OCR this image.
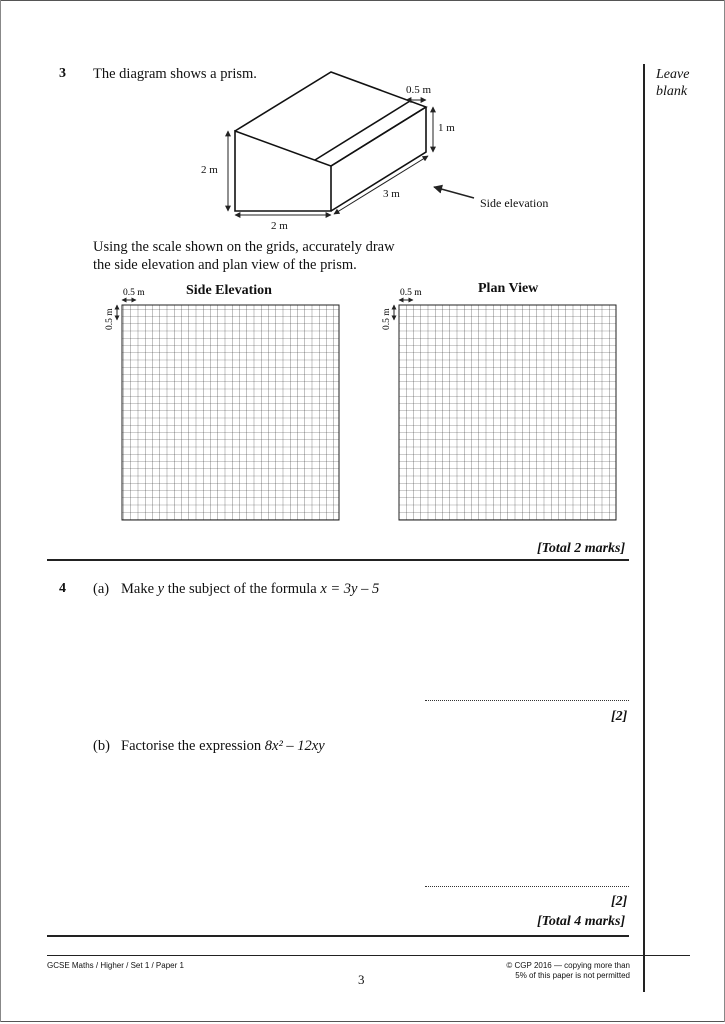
Leave
blank
3 The diagram shows a prism.
0.5 m
1 m
2 m
2 m
3 m
Side elevation
Using the scale shown on the grids, accurately draw
the side elevation and plan view of the prism.
Side Elevation	Plan View
0.5 m
0.5 m
0.5 m
0.5 m
[Total 2 marks]
4 (a) Make y the subject of the formula x = 3y – 5
[2]
(b) Factorise the expression 8x² – 12xy
[2]
[Total 4 marks]
GCSE Maths / Higher / Set 1 / Paper 1
3
© CGP 2016 — copying more than
5% of this paper is not permitted
